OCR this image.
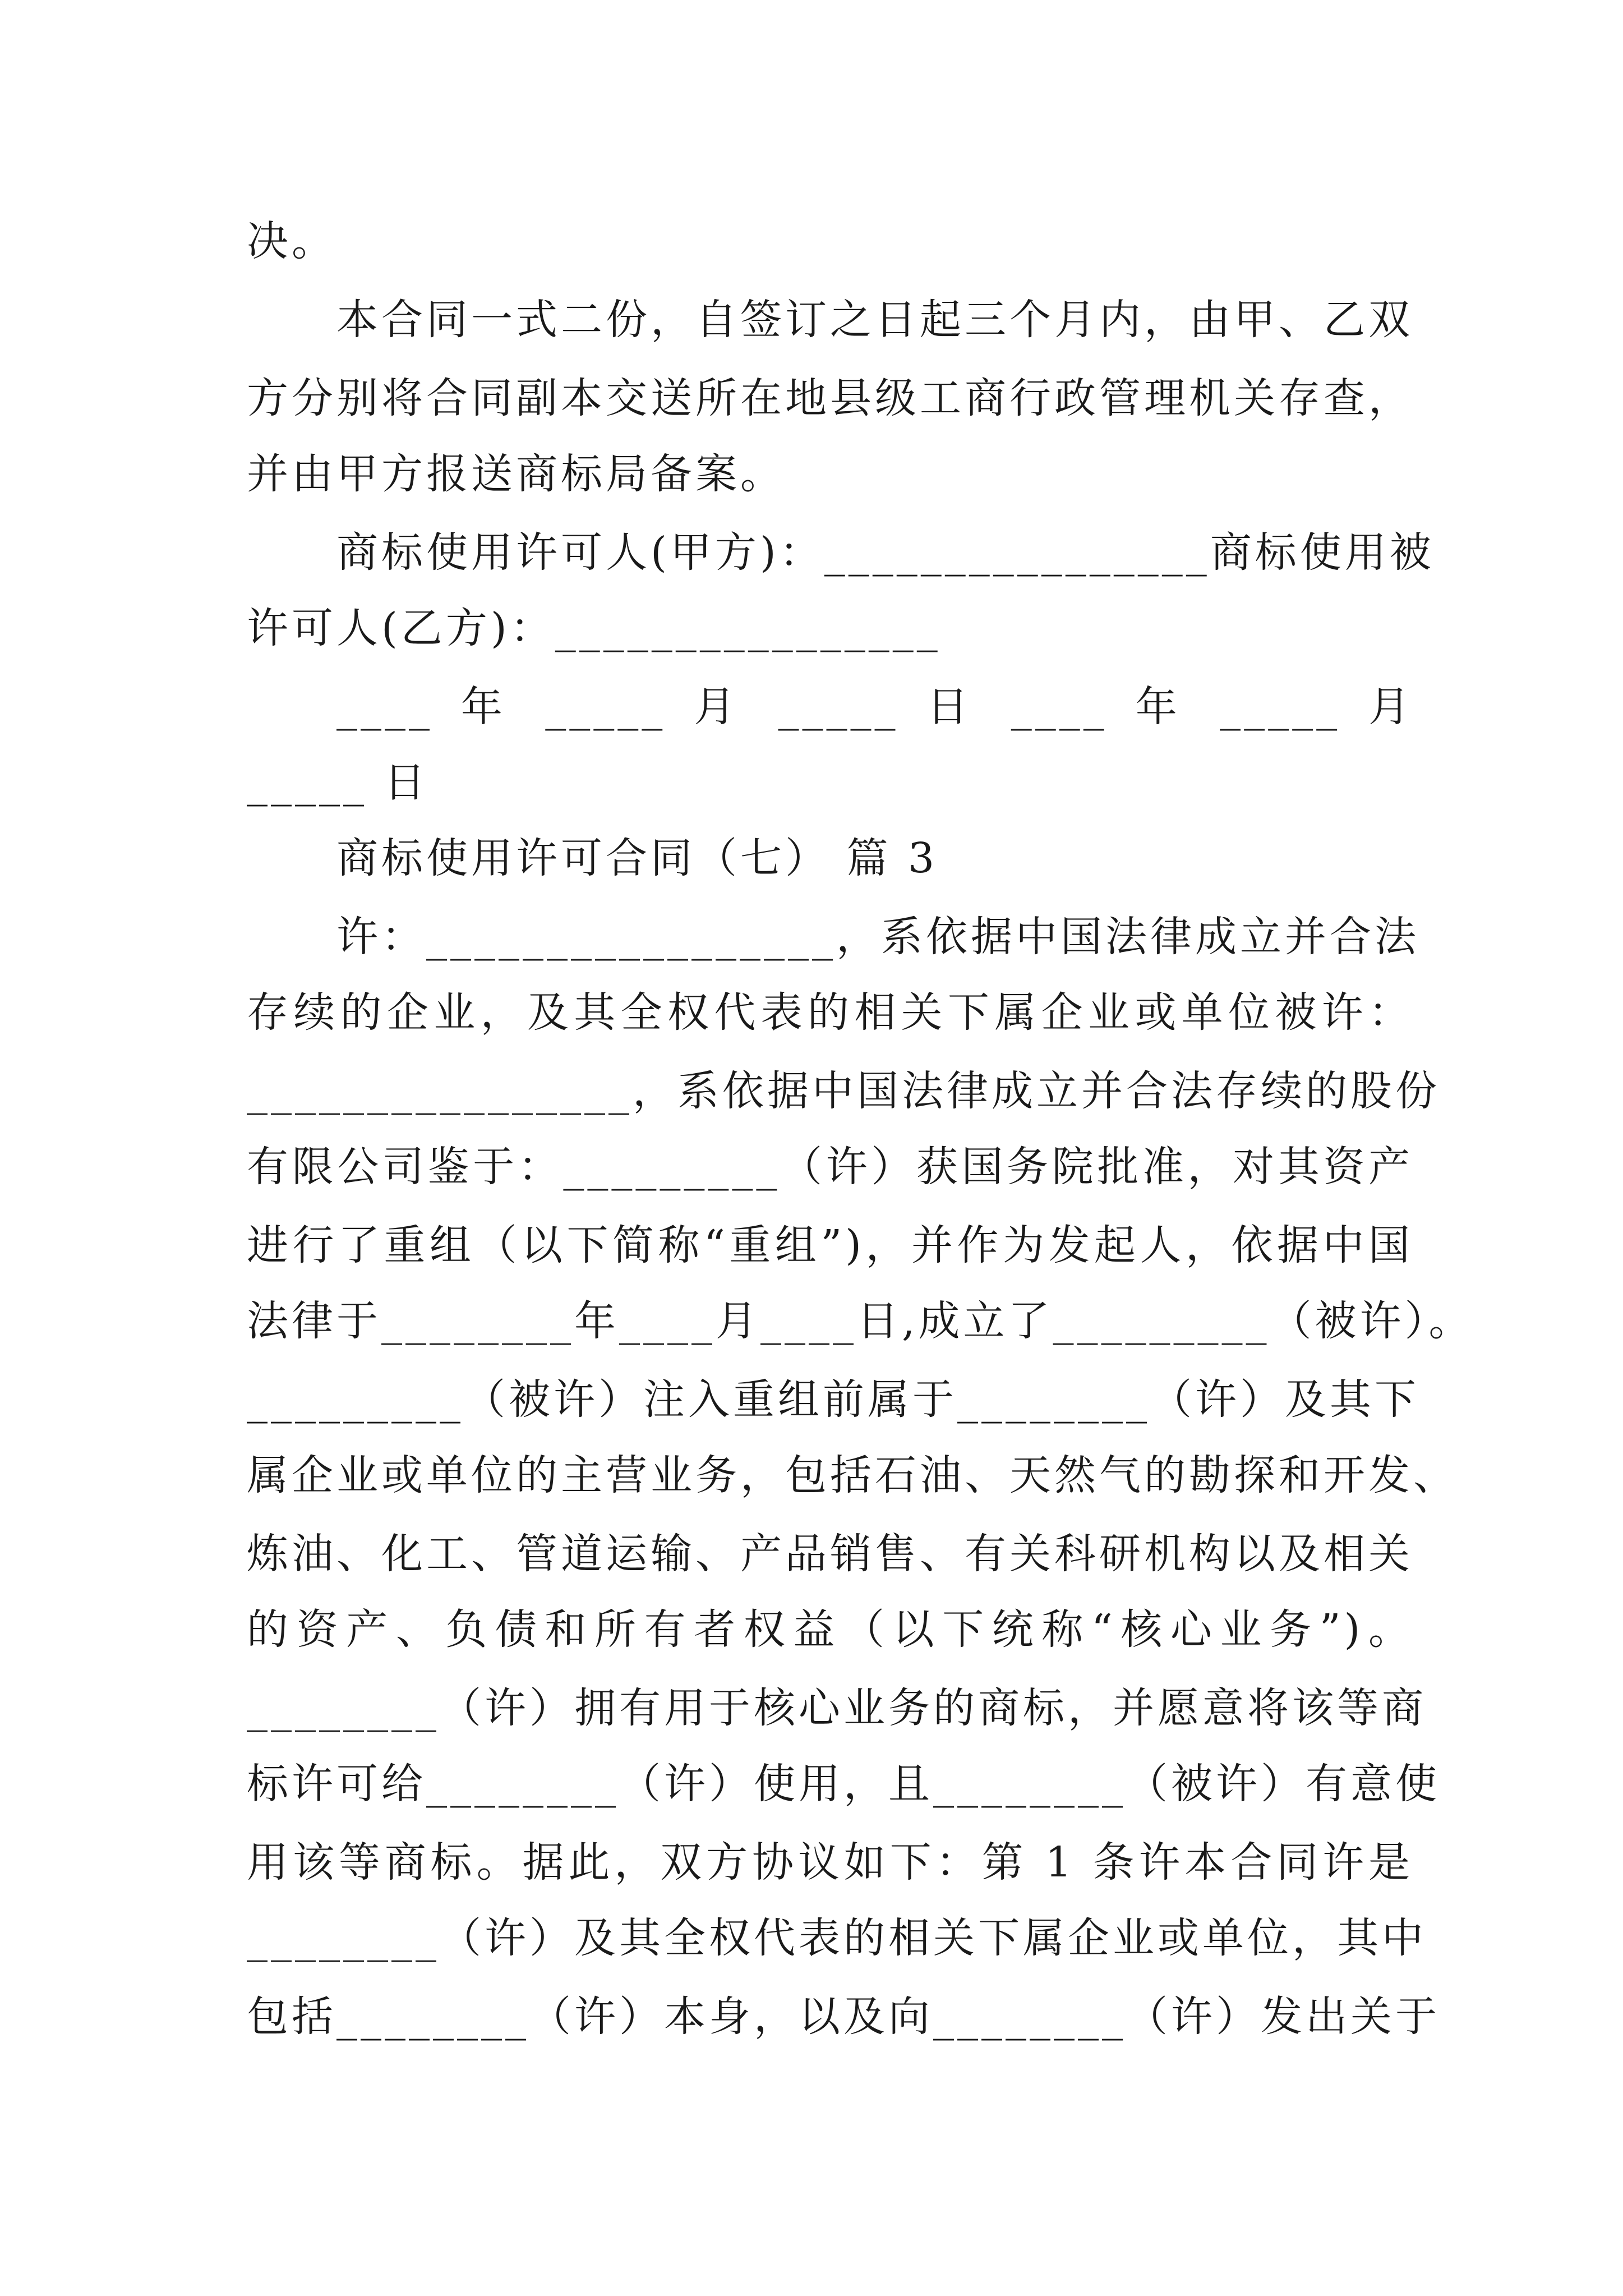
决。
本合同一式二份，自签订之日起三个月内，由甲、乙双
方分别将合同副本交送所在地县级工商行政管理机关存查，
并由甲方报送商标局备案。
商标使用许可人(甲方)：________________商标使用被
许可人(乙方)：________________
____ 年 _____ 月 _____ 日 ____ 年 _____ 月
_____ 日
商标使用许可合同（七） 篇 3
许：_________________，系依据中国法律成立并合法
存续的企业，及其全权代表的相关下属企业或单位被许：
________________，系依据中国法律成立并合法存续的股份
有限公司鉴于：_________（许）获国务院批准，对其资产
进行了重组（以下简称“重组”)，并作为发起人，依据中国
法律于________年____月____日,成立了_________（被许）。
_________（被许）注入重组前属于________（许）及其下
属企业或单位的主营业务，包括石油、天然气的勘探和开发、
炼油、化工、管道运输、产品销售、有关科研机构以及相关
的资产、负债和所有者权益（以下统称“核心业务”)。
________（许）拥有用于核心业务的商标，并愿意将该等商
标许可给________（许）使用，且________（被许）有意使
用该等商标。据此，双方协议如下：第 1 条许本合同许是
________（许）及其全权代表的相关下属企业或单位，其中
包括________（许）本身，以及向________（许）发出关于
